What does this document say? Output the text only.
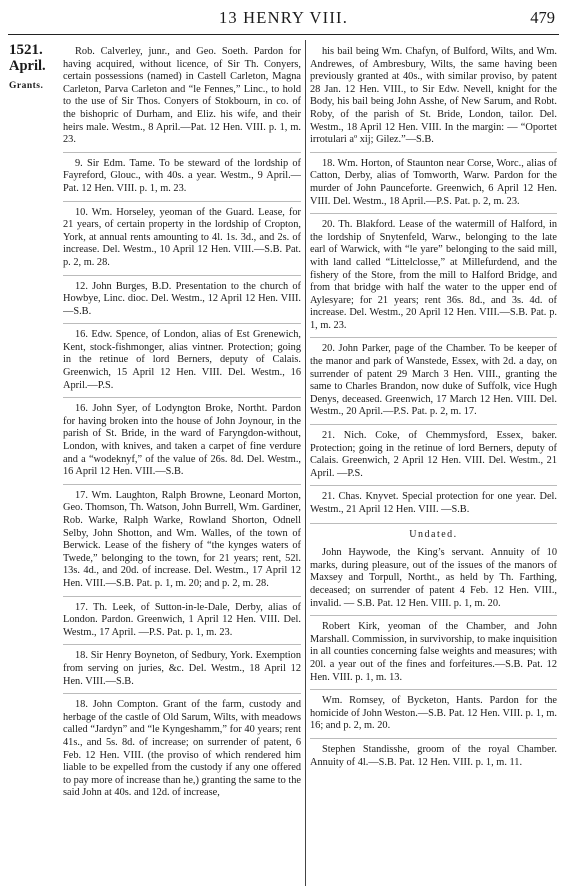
13 HENRY VIII.	479
1521.
April.
Grants.

Rob. Calverley, junr., and Geo. Soeth. Pardon for having acquired, without licence, of Sir Th. Conyers, certain possessions (named) in Castell Carleton, Magna Carleton, Parva Carleton and “le Fennes,” Linc., to hold to the use of Sir Thos. Conyers of Stokbourn, in co. of the bishopric of Durham, and Eliz. his wife, and their heirs male. Westm., 8 April.—Pat. 12 Hen. VIII. p. 1, m. 23.

9. Sir Edm. Tame. To be steward of the lordship of Fayreford, Glouc., with 40s. a year. Westm., 9 April.—Pat. 12 Hen. VIII. p. 1, m. 23.

10. Wm. Horseley, yeoman of the Guard. Lease, for 21 years, of certain property in the lordship of Cropton, York, at annual rents amounting to 4l. 1s. 3d., and 2s. of increase. Del. Westm., 10 April 12 Hen. VIII.—S.B. Pat. p. 2, m. 28.

12. John Burges, B.D. Presentation to the church of Howbye, Linc. dioc. Del. Westm., 12 April 12 Hen. VIII.—S.B.

16. Edw. Spence, of London, alias of Est Grenewich, Kent, stock-fishmonger, alias vintner. Protection; going in the retinue of lord Berners, deputy of Calais. Greenwich, 15 April 12 Hen. VIII. Del. Westm., 16 April.—P.S.

16. John Syer, of Lodyngton Broke, Northt. Pardon for having broken into the house of John Joynour, in the parish of St. Bride, in the ward of Faryngdon-without, London, with knives, and taken a carpet of fine verdure and a “wodeknyf,” of the value of 26s. 8d. Del. Westm., 16 April 12 Hen. VIII.—S.B.

17. Wm. Laughton, Ralph Browne, Leonard Morton, Geo. Thomson, Th. Watson, John Burrell, Wm. Gardiner, Rob. Warke, Ralph Warke, Rowland Shorton, Odnell Selby, John Shotton, and Wm. Walles, of the town of Berwick. Lease of the fishery of “the kynges waters of Twede,” belonging to the town, for 21 years; rent, 52l. 13s. 4d., and 20d. of increase. Del. Westm., 17 April 12 Hen. VIII.—S.B. Pat. p. 1, m. 20; and p. 2, m. 28.

17. Th. Leek, of Sutton-in-le-Dale, Derby, alias of London. Pardon. Greenwich, 1 April 12 Hen. VIII. Del. Westm., 17 April. —P.S. Pat. p. 1, m. 23.

18. Sir Henry Boyneton, of Sedbury, York. Exemption from serving on juries, &c. Del. Westm., 18 April 12 Hen. VIII.—S.B.

18. John Compton. Grant of the farm, custody and herbage of the castle of Old Sarum, Wilts, with meadows called “Jardyn” and “le Kyngeshamm,” for 40 years; rent 41s., and 5s. 8d. of increase; on surrender of patent, 6 Feb. 12 Hen. VIII. (the proviso of which rendered him liable to be expelled from the custody if any one offered to pay more of increase than he,) granting the same to the said John at 40s. and 12d. of increase,

his bail being Wm. Chafyn, of Bulford, Wilts, and Wm. Andrewes, of Ambresbury, Wilts, the same having been previously granted at 40s., with similar proviso, by patent 28 Jan. 12 Hen. VIII., to Sir Edw. Nevell, knight for the Body, his bail being John Asshe, of New Sarum, and Robt. Roby, of the parish of St. Bride, London, tailor. Del. Westm., 18 April 12 Hen. VIII. In the margin: — “Oportet irrotulari aº xij; Gilez.”—S.B.

18. Wm. Horton, of Staunton near Corse, Worc., alias of Catton, Derby, alias of Tomworth, Warw. Pardon for the murder of John Paunceforte. Greenwich, 6 April 12 Hen. VIII. Del. Westm., 18 April.—P.S. Pat. p. 2, m. 23.

20. Th. Blakford. Lease of the watermill of Halford, in the lordship of Snytenfeld, Warw., belonging to the late earl of Warwick, with “le yare” belonging to the said mill, with land called “Littelclosse,” at Millefurdend, and the fishery of the Store, from the mill to Halford Bridge, and from that bridge with half the water to the upper end of Aylesyare; for 21 years; rent 36s. 8d., and 3s. 4d. of increase. Del. Westm., 20 April 12 Hen. VIII.—S.B. Pat. p. 1, m. 23.

20. John Parker, page of the Chamber. To be keeper of the manor and park of Wanstede, Essex, with 2d. a day, on surrender of patent 29 March 3 Hen. VIII., granting the same to Charles Brandon, now duke of Suffolk, vice Hugh Denys, deceased. Greenwich, 17 March 12 Hen. VIII. Del. Westm., 20 April.—P.S. Pat. p. 2, m. 17.

21. Nich. Coke, of Chemmysford, Essex, baker. Protection; going in the retinue of lord Berners, deputy of Calais. Greenwich, 2 April 12 Hen. VIII. Del. Westm., 21 April. —P.S.

21. Chas. Knyvet. Special protection for one year. Del. Westm., 21 April 12 Hen. VIII. —S.B.

Undated.

John Haywode, the King’s servant. Annuity of 10 marks, during pleasure, out of the issues of the manors of Maxsey and Torpull, Northt., as held by Th. Farthing, deceased; on surrender of patent 4 Feb. 12 Hen. VIII., invalid. — S.B. Pat. 12 Hen. VIII. p. 1, m. 20.

Robert Kirk, yeoman of the Chamber, and John Marshall. Commission, in survivorship, to make inquisition in all counties concerning false weights and measures; with 20l. a year out of the fines and forfeitures.—S.B. Pat. 12 Hen. VIII. p. 1, m. 13.

Wm. Romsey, of Bycketon, Hants. Pardon for the homicide of John Weston.—S.B. Pat. 12 Hen. VIII. p. 1, m. 16; and p. 2, m. 20.

Stephen Standisshe, groom of the royal Chamber. Annuity of 4l.—S.B. Pat. 12 Hen. VIII. p. 1, m. 11.
